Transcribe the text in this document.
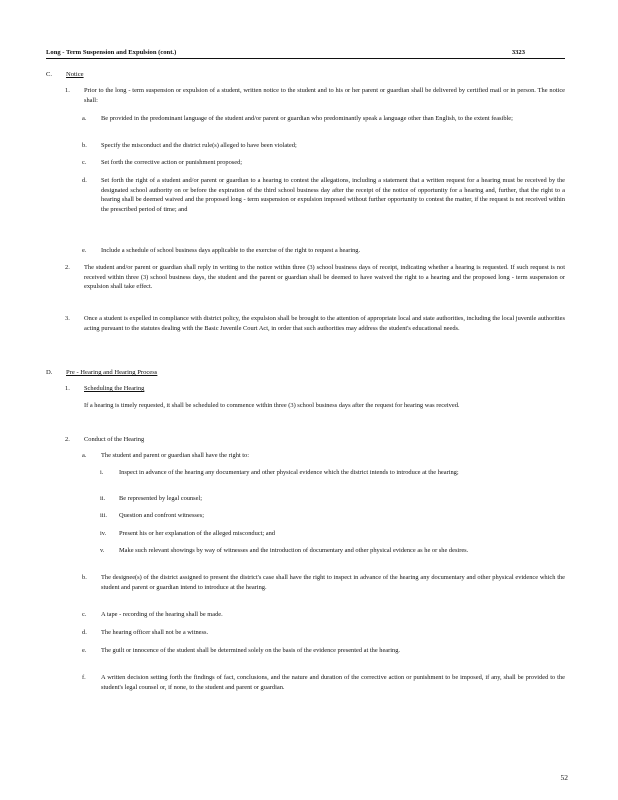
Long - Term Suspension and Expulsion (cont.)	3323
C. Notice
1. Prior to the long - term suspension or expulsion of a student, written notice to the student and to his or her parent or guardian shall be delivered by certified mail or in person. The notice shall:
a. Be provided in the predominant language of the student and/or parent or guardian who predominantly speak a language other than English, to the extent feasible;
b. Specify the misconduct and the district rule(s) alleged to have been violated;
c. Set forth the corrective action or punishment proposed;
d. Set forth the right of a student and/or parent or guardian to a hearing to contest the allegations, including a statement that a written request for a hearing must be received by the designated school authority on or before the expiration of the third school business day after the receipt of the notice of opportunity for a hearing and, further, that the right to a hearing shall be deemed waived and the proposed long - term suspension or expulsion imposed without further opportunity to contest the matter, if the request is not received within the prescribed period of time; and
e. Include a schedule of school business days applicable to the exercise of the right to request a hearing.
2. The student and/or parent or guardian shall reply in writing to the notice within three (3) school business days of receipt, indicating whether a hearing is requested. If such request is not received within three (3) school business days, the student and the parent or guardian shall be deemed to have waived the right to a hearing and the proposed long - term suspension or expulsion shall take effect.
3. Once a student is expelled in compliance with district policy, the expulsion shall be brought to the attention of appropriate local and state authorities, including the local juvenile authorities acting pursuant to the statutes dealing with the Basic Juvenile Court Act, in order that such authorities may address the student's educational needs.
D. Pre - Hearing and Hearing Process
1. Scheduling the Hearing
If a hearing is timely requested, it shall be scheduled to commence within three (3) school business days after the request for hearing was received.
2. Conduct of the Hearing
a. The student and parent or guardian shall have the right to:
i. Inspect in advance of the hearing any documentary and other physical evidence which the district intends to introduce at the hearing;
ii. Be represented by legal counsel;
iii. Question and confront witnesses;
iv. Present his or her explanation of the alleged misconduct; and
v. Make such relevant showings by way of witnesses and the introduction of documentary and other physical evidence as he or she desires.
b. The designee(s) of the district assigned to present the district's case shall have the right to inspect in advance of the hearing any documentary and other physical evidence which the student and parent or guardian intend to introduce at the hearing.
c. A tape - recording of the hearing shall be made.
d. The hearing officer shall not be a witness.
e. The guilt or innocence of the student shall be determined solely on the basis of the evidence presented at the hearing.
f. A written decision setting forth the findings of fact, conclusions, and the nature and duration of the corrective action or punishment to be imposed, if any, shall be provided to the student's legal counsel or, if none, to the student and parent or guardian.
52
